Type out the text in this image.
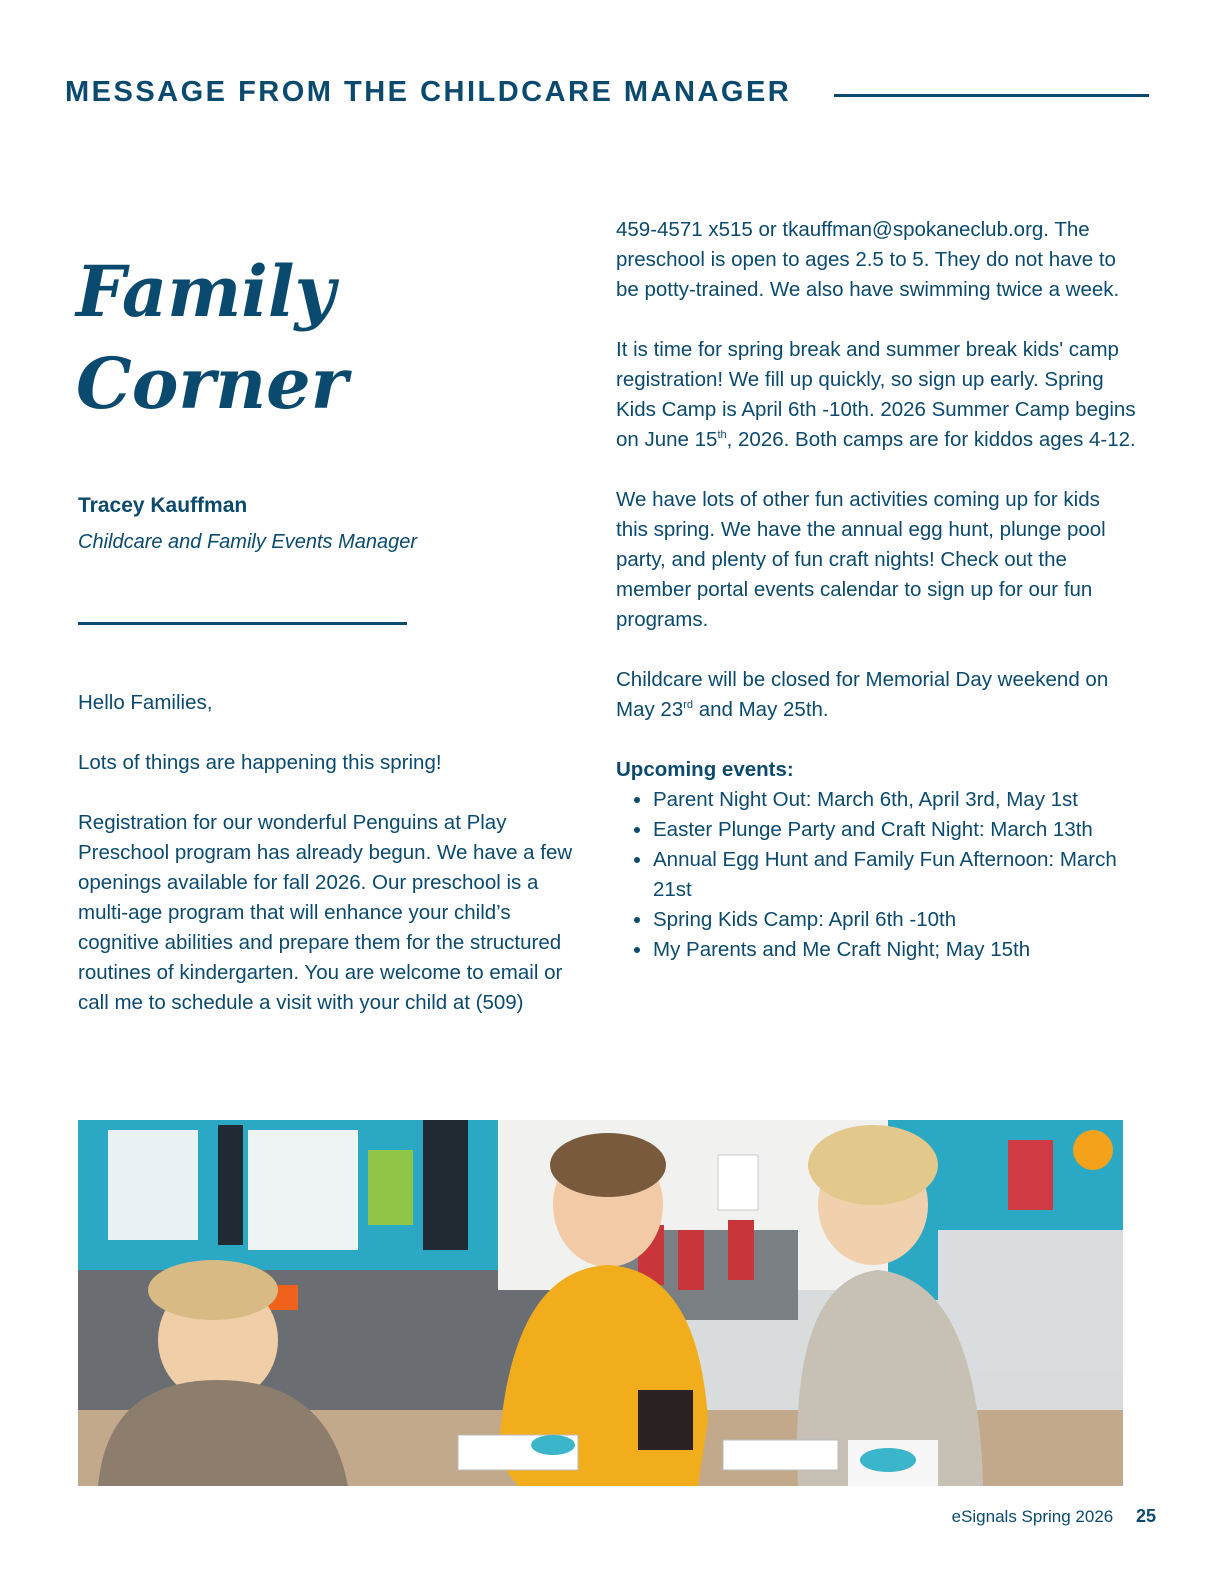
MESSAGE FROM THE CHILDCARE MANAGER
Family
Corner
Tracey Kauffman
Childcare and Family Events Manager

Hello Families,

Lots of things are happening this spring!

Registration for our wonderful Penguins at Play Preschool program has already begun. We have a few openings available for fall 2026. Our preschool is a multi-age program that will enhance your child’s cognitive abilities and prepare them for the structured routines of kindergarten. You are welcome to email or call me to schedule a visit with your child at (509)

459-4571 x515 or tkauffman@spokaneclub.org. The preschool is open to ages 2.5 to 5. They do not have to be potty-trained. We also have swimming twice a week.

It is time for spring break and summer break kids' camp registration! We fill up quickly, so sign up early. Spring Kids Camp is April 6th -10th. 2026 Summer Camp begins on June 15th, 2026. Both camps are for kiddos ages 4-12.

We have lots of other fun activities coming up for kids this spring. We have the annual egg hunt, plunge pool party, and plenty of fun craft nights! Check out the member portal events calendar to sign up for our fun programs.

Childcare will be closed for Memorial Day weekend on May 23rd and May 25th.

Upcoming events:
• Parent Night Out: March 6th, April 3rd, May 1st
• Easter Plunge Party and Craft Night: March 13th
• Annual Egg Hunt and Family Fun Afternoon: March 21st
• Spring Kids Camp: April 6th -10th
• My Parents and Me Craft Night; May 15th
eSignals Spring 2026 25
